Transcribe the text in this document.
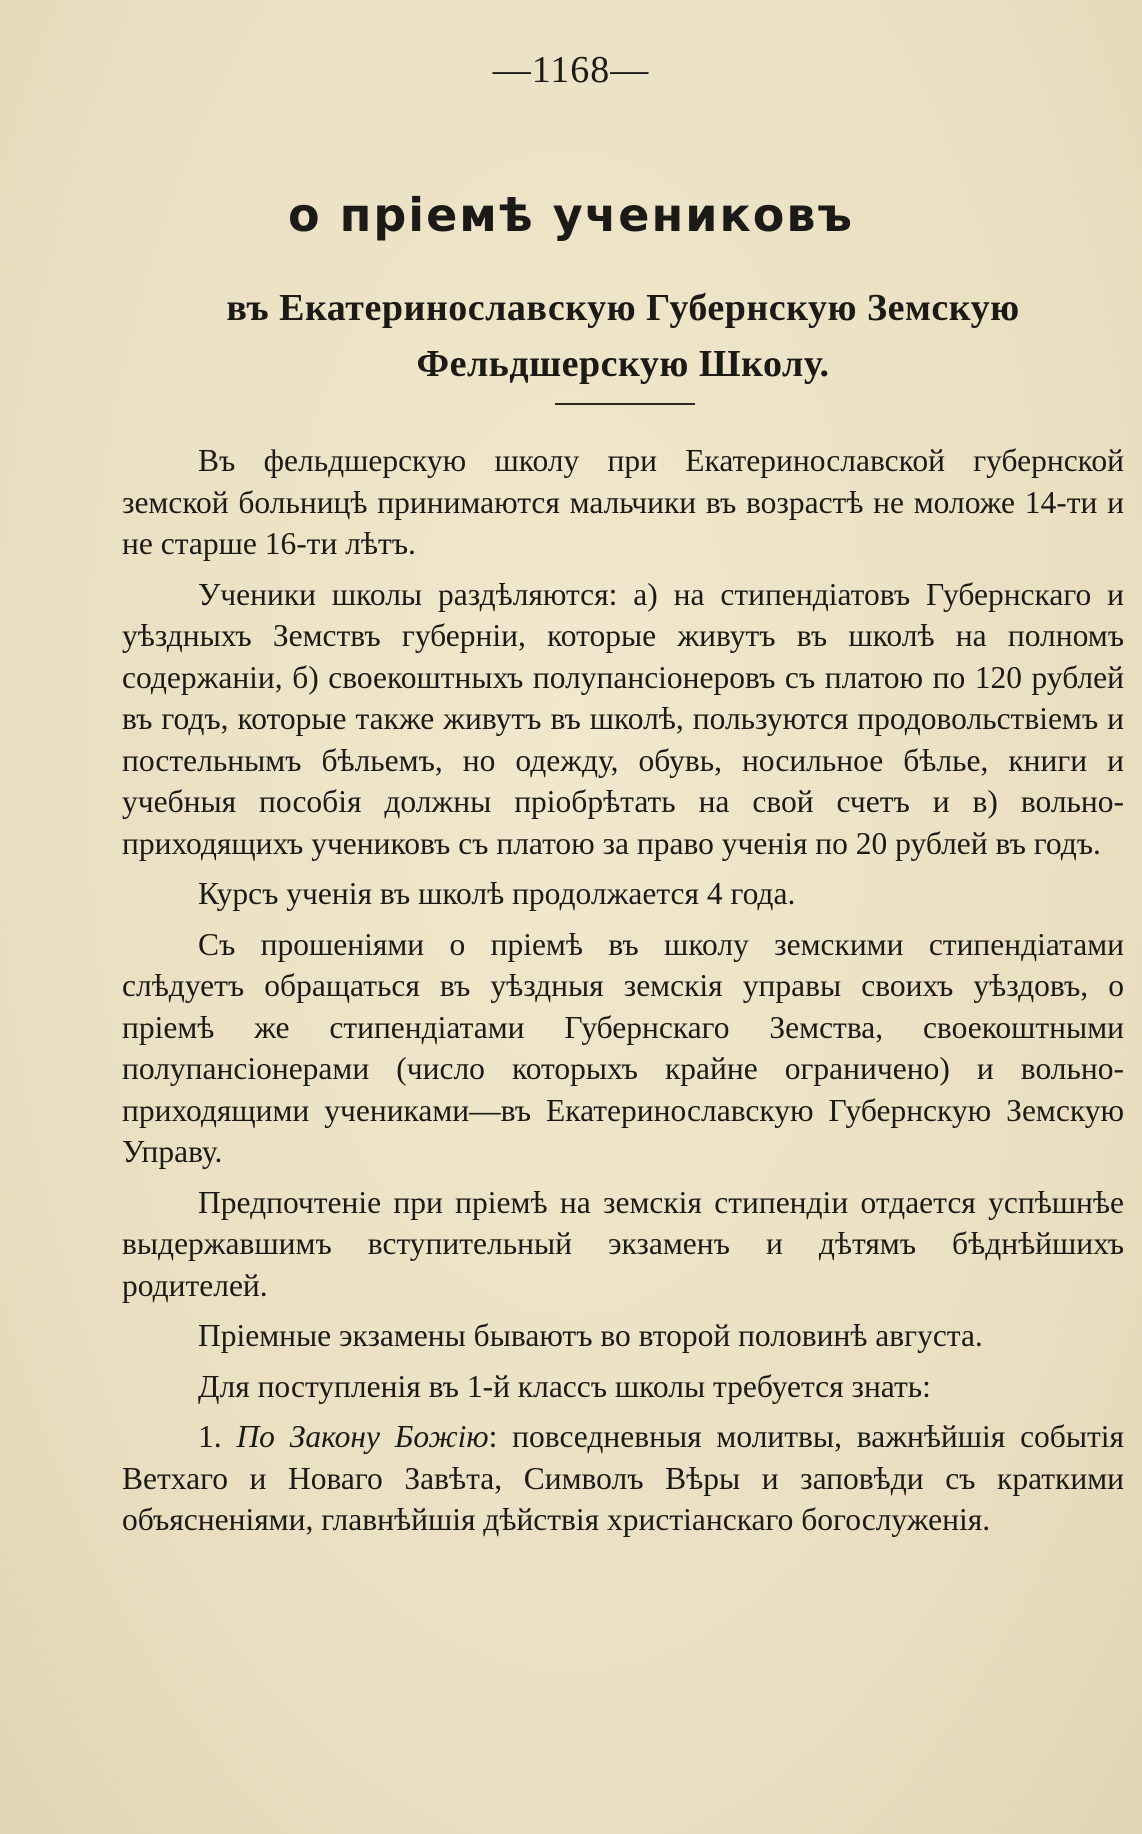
—1168—
о пріемѣ учениковъ
въ Екатеринославскую Губернскую Земскую Фельдшерскую Школу.

Въ фельдшерскую школу при Екатеринославской губернской земской больницѣ принимаются мальчики въ возрастѣ не моложе 14-ти и не старше 16-ти лѣтъ.

Ученики школы раздѣляются: а) на стипендіатовъ Губернскаго и уѣздныхъ Земствъ губерніи, которые живутъ въ школѣ на полномъ содержаніи, б) своекоштныхъ полупансіонеровъ съ платою по 120 рублей въ годъ, которые также живутъ въ школѣ, пользуются продовольствіемъ и постельнымъ бѣльемъ, но одежду, обувь, носильное бѣлье, книги и учебныя пособія должны пріобрѣтать на свой счетъ и в) вольно-приходящихъ учениковъ съ платою за право ученія по 20 рублей въ годъ.

Курсъ ученія въ школѣ продолжается 4 года.

Съ прошеніями о пріемѣ въ школу земскими стипендіатами слѣдуетъ обращаться въ уѣздныя земскія управы своихъ уѣздовъ, о пріемѣ же стипендіатами Губернскаго Земства, своекоштными полупансіонерами (число которыхъ крайне ограничено) и вольно-приходящими учениками—въ Екатеринославскую Губернскую Земскую Управу.

Предпочтеніе при пріемѣ на земскія стипендіи отдается успѣшнѣе выдержавшимъ вступительный экзаменъ и дѣтямъ бѣднѣйшихъ родителей.

Пріемные экзамены бываютъ во второй половинѣ августа.

Для поступленія въ 1-й классъ школы требуется знать:

1. По Закону Божію: повседневныя молитвы, важнѣйшія событія Ветхаго и Новаго Завѣта, Символъ Вѣры и заповѣди съ краткими объясненіями, главнѣйшія дѣйствія христіанскаго богослуженія.
